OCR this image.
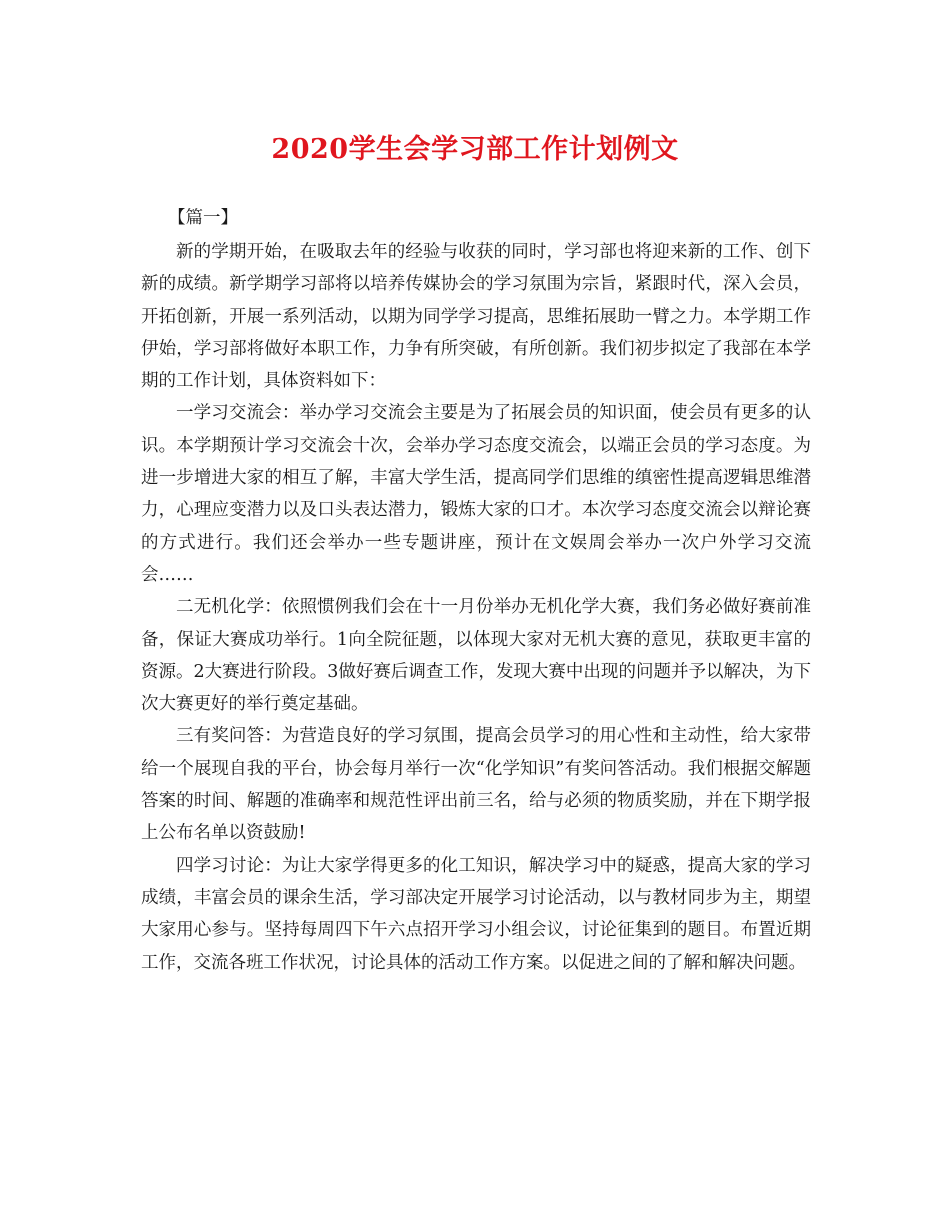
2020学生会学习部工作计划例文

【篇一】

新的学期开始，在吸取去年的经验与收获的同时，学习部也将迎来新的工作、创下新的成绩。新学期学习部将以培养传媒协会的学习氛围为宗旨，紧跟时代，深入会员，开拓创新，开展一系列活动，以期为同学学习提高，思维拓展助一臂之力。本学期工作伊始，学习部将做好本职工作，力争有所突破，有所创新。我们初步拟定了我部在本学期的工作计划，具体资料如下：

一学习交流会：举办学习交流会主要是为了拓展会员的知识面，使会员有更多的认识。本学期预计学习交流会十次，会举办学习态度交流会，以端正会员的学习态度。为进一步增进大家的相互了解，丰富大学生活，提高同学们思维的缜密性提高逻辑思维潜力，心理应变潜力以及口头表达潜力，锻炼大家的口才。本次学习态度交流会以辩论赛的方式进行。我们还会举办一些专题讲座，预计在文娱周会举办一次户外学习交流会……

二无机化学：依照惯例我们会在十一月份举办无机化学大赛，我们务必做好赛前准备，保证大赛成功举行。1向全院征题，以体现大家对无机大赛的意见，获取更丰富的资源。2大赛进行阶段。3做好赛后调查工作，发现大赛中出现的问题并予以解决，为下次大赛更好的举行奠定基础。

三有奖问答：为营造良好的学习氛围，提高会员学习的用心性和主动性，给大家带给一个展现自我的平台，协会每月举行一次“化学知识”有奖问答活动。我们根据交解题答案的时间、解题的准确率和规范性评出前三名，给与必须的物质奖励，并在下期学报上公布名单以资鼓励!

四学习讨论：为让大家学得更多的化工知识，解决学习中的疑惑，提高大家的学习成绩，丰富会员的课余生活，学习部决定开展学习讨论活动，以与教材同步为主，期望大家用心参与。坚持每周四下午六点招开学习小组会议，讨论征集到的题目。布置近期工作，交流各班工作状况，讨论具体的活动工作方案。以促进之间的了解和解决问题。
